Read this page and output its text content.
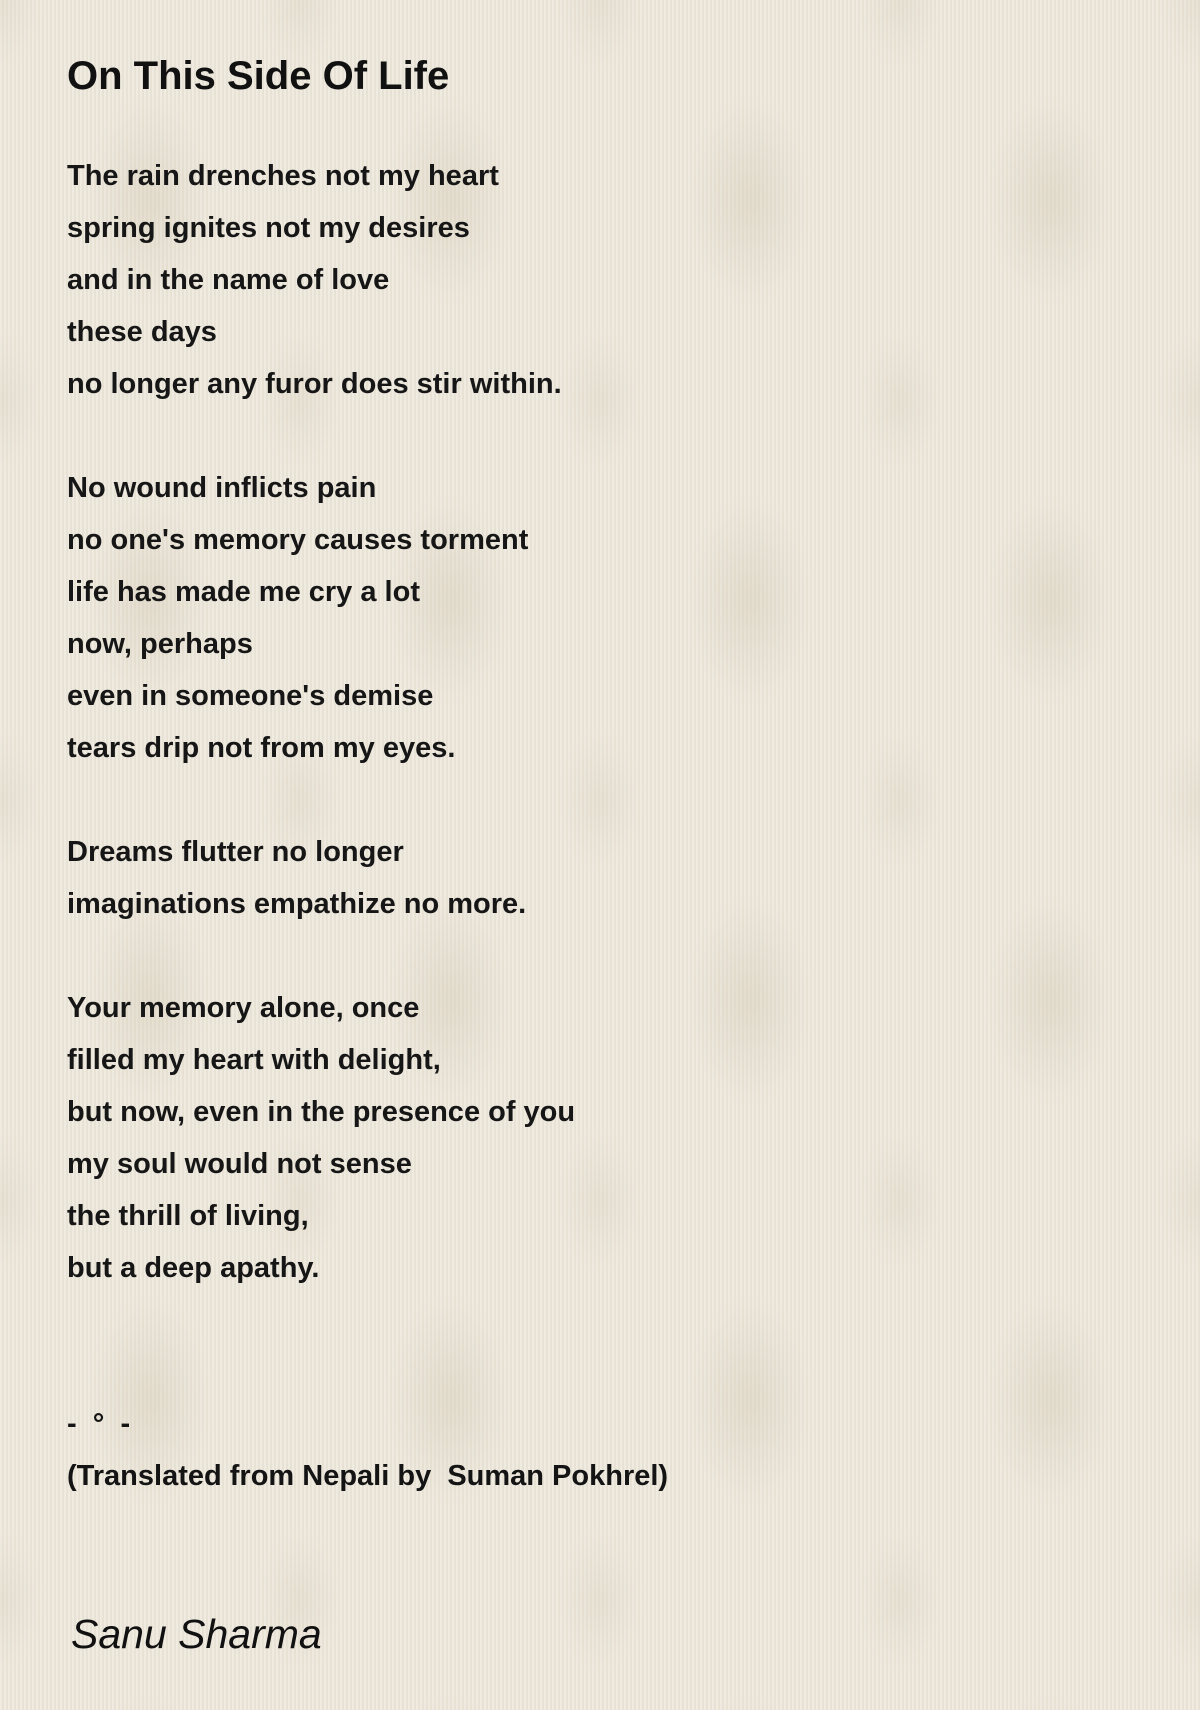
On This Side Of Life
The rain drenches not my heart
spring ignites not my desires
and in the name of love
these days
no longer any furor does stir within.
No wound inflicts pain
no one's memory causes torment
life has made me cry a lot
now, perhaps
even in someone's demise
tears drip not from my eyes.
Dreams flutter no longer
imaginations empathize no more.
Your memory alone, once
filled my heart with delight,
but now, even in the presence of you
my soul would not sense
the thrill of living,
but a deep apathy.
-  °  -
(Translated from Nepali by  Suman Pokhrel)
Sanu Sharma
